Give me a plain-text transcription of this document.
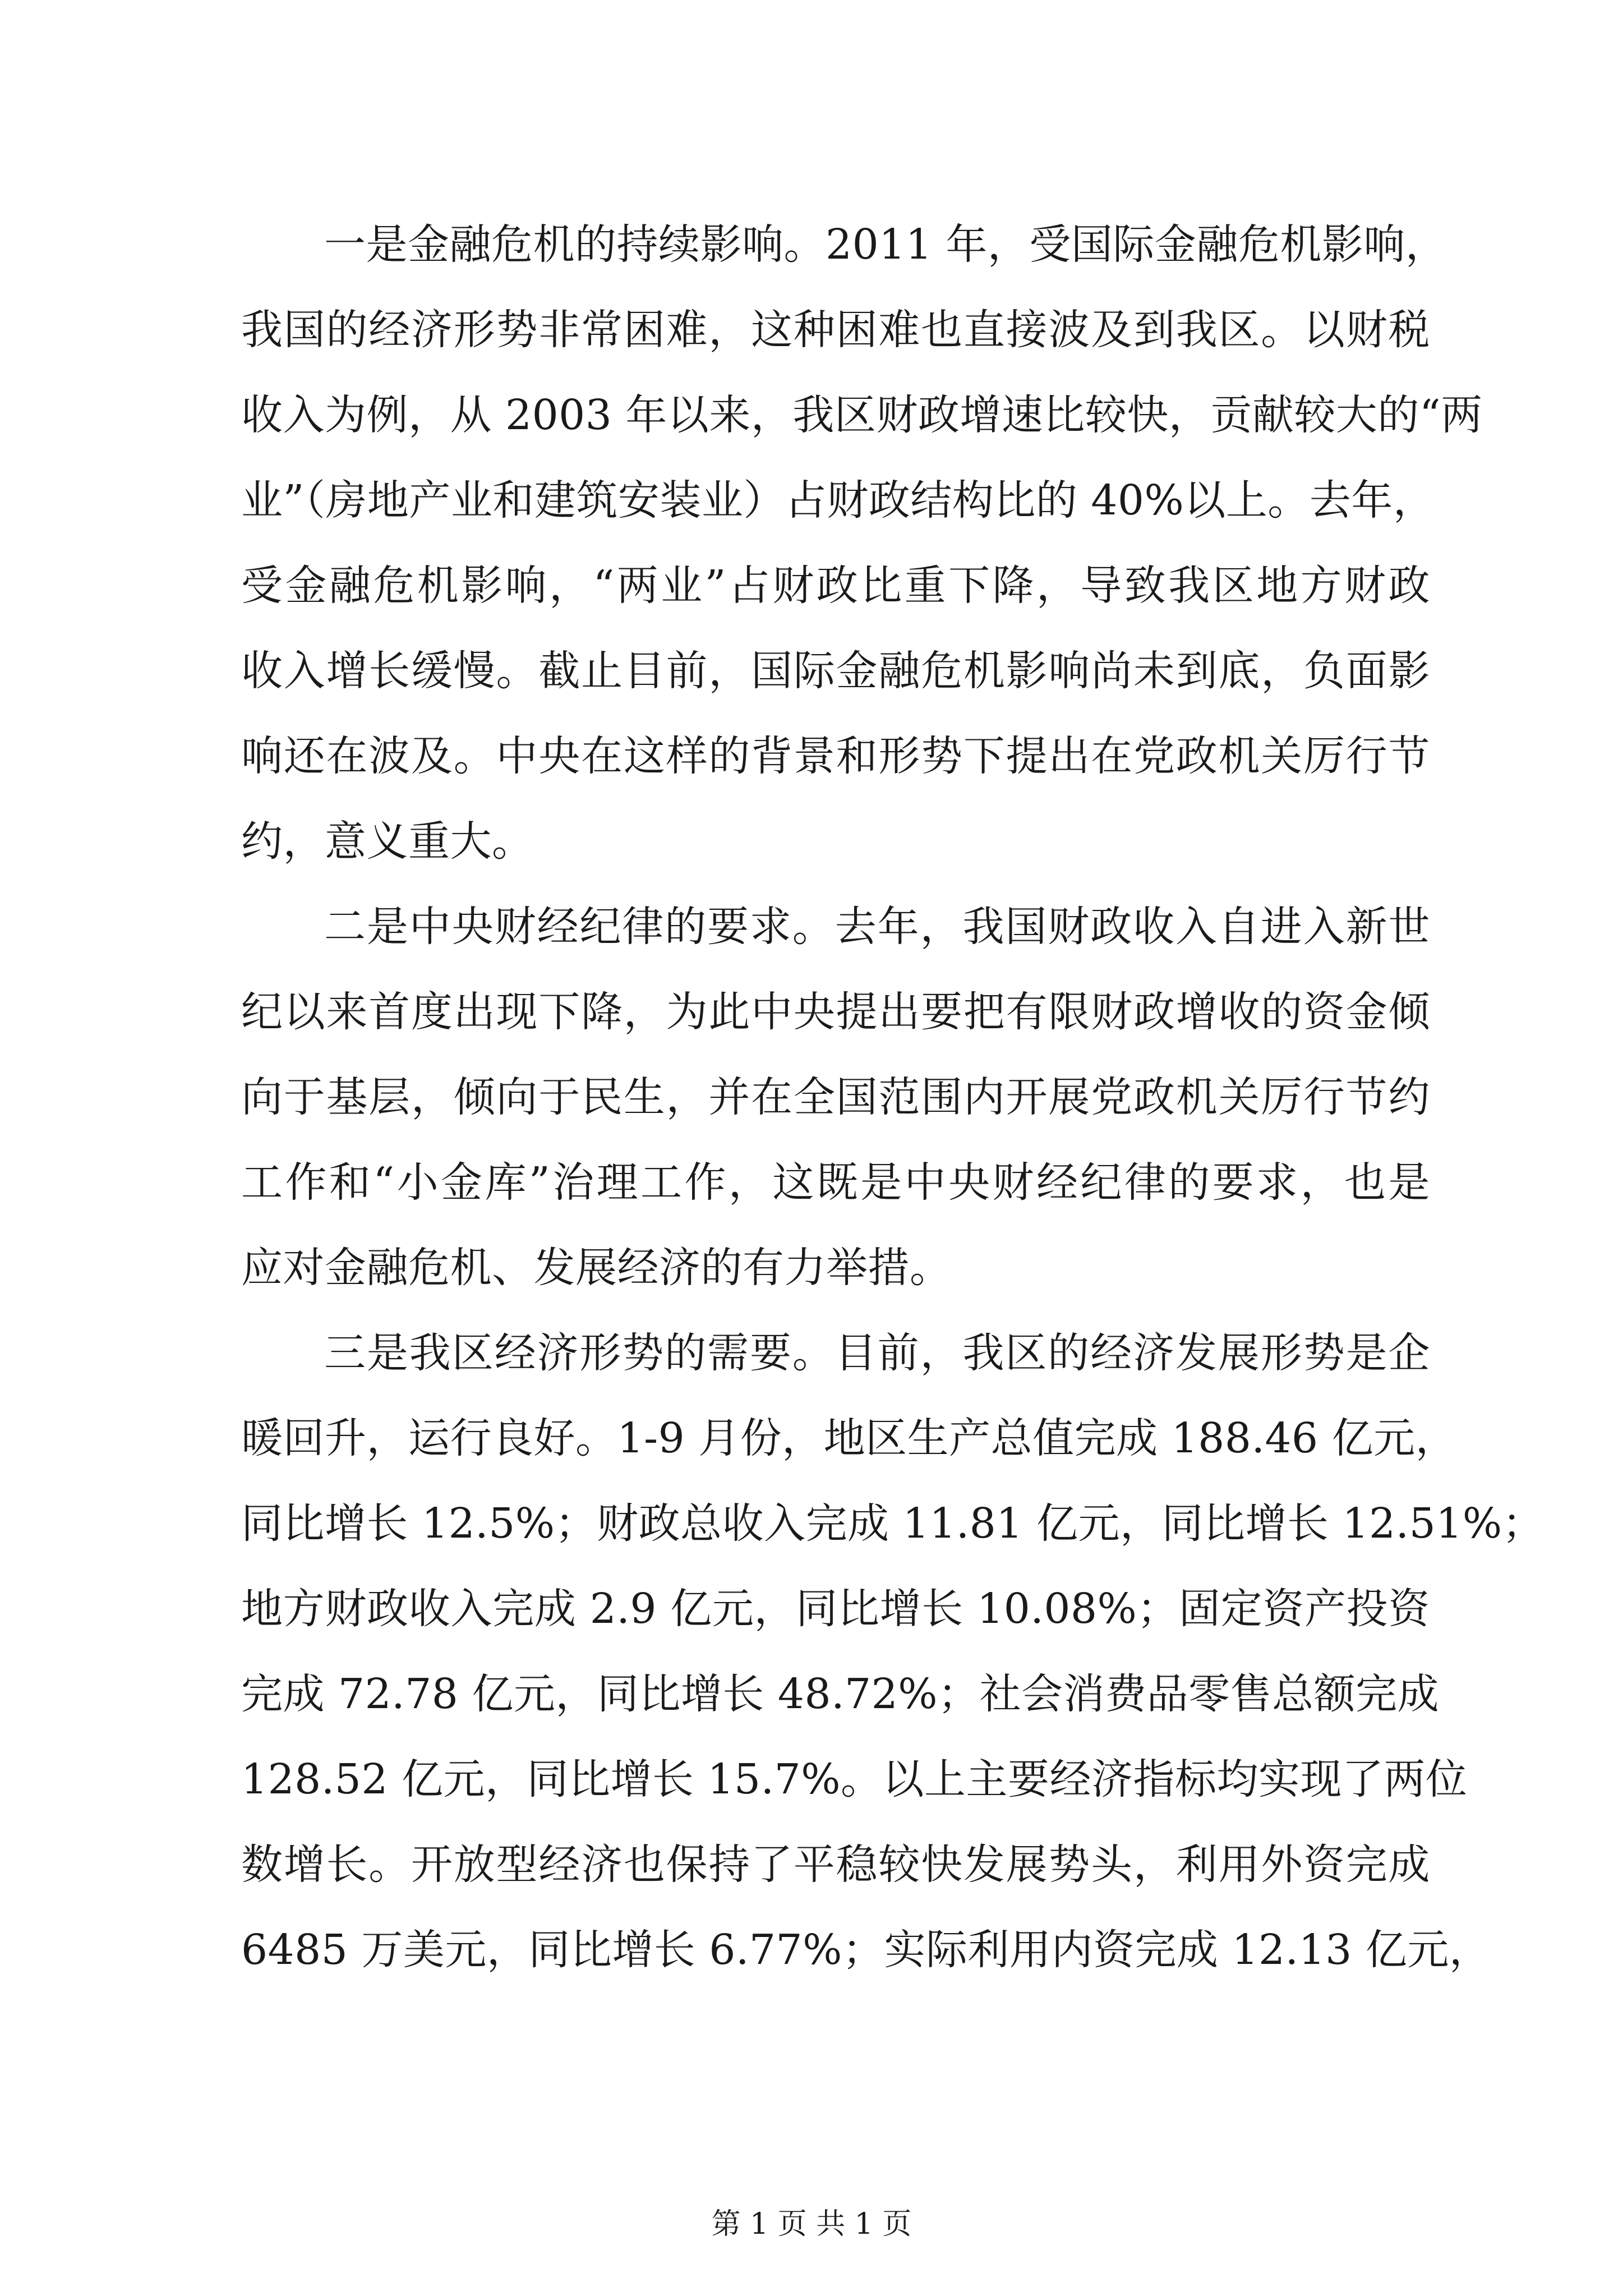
一是金融危机的持续影响。2011 年，受国际金融危机影响，
我国的经济形势非常困难，这种困难也直接波及到我区。以财税
收入为例，从 2003 年以来，我区财政增速比较快，贡献较大的“两
业”（房地产业和建筑安装业）占财政结构比的 40%以上。去年，
受金融危机影响，“两业”占财政比重下降，导致我区地方财政
收入增长缓慢。截止目前，国际金融危机影响尚未到底，负面影
响还在波及。中央在这样的背景和形势下提出在党政机关厉行节
约，意义重大。
二是中央财经纪律的要求。去年，我国财政收入自进入新世
纪以来首度出现下降，为此中央提出要把有限财政增收的资金倾
向于基层，倾向于民生，并在全国范围内开展党政机关厉行节约
工作和“小金库”治理工作，这既是中央财经纪律的要求，也是
应对金融危机、发展经济的有力举措。
三是我区经济形势的需要。目前，我区的经济发展形势是企
暖回升，运行良好。1-9 月份，地区生产总值完成 188.46 亿元，
同比增长 12.5%；财政总收入完成 11.81 亿元，同比增长 12.51%；
地方财政收入完成 2.9 亿元，同比增长 10.08%；固定资产投资
完成 72.78 亿元，同比增长 48.72%；社会消费品零售总额完成
128.52 亿元，同比增长 15.7%。以上主要经济指标均实现了两位
数增长。开放型经济也保持了平稳较快发展势头，利用外资完成
6485 万美元，同比增长 6.77%；实际利用内资完成 12.13 亿元，
第 1 页 共 1 页
